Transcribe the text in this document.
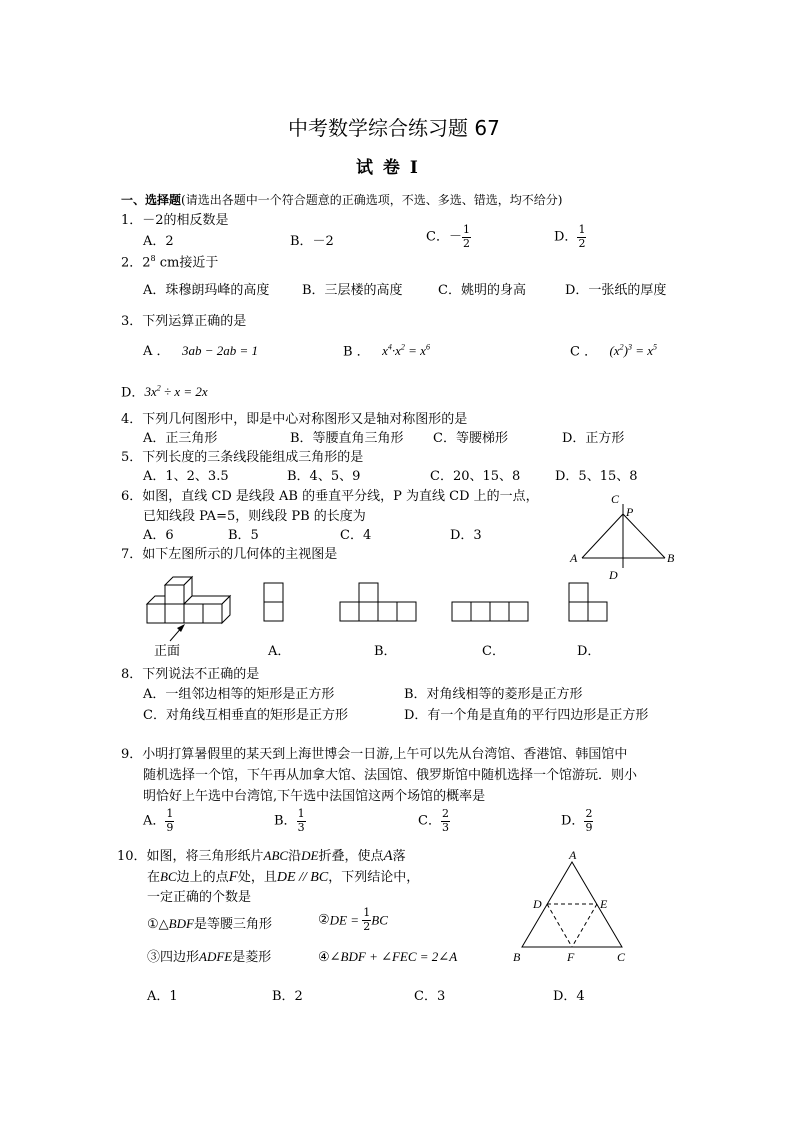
中考数学综合练习题 67
试 卷 Ⅰ
一、选择题(请选出各题中一个符合题意的正确选项，不选、多选、错选，均不给分)
1．－2的相反数是
A．2	B．－2	C．－ $\frac{1}{2}$	D． $\frac{1}{2}$
2．$2^8$ cm接近于
A．珠穆朗玛峰的高度	B．三层楼的高度	C．姚明的身高	D．一张纸的厚度
3．下列运算正确的是
A ． 3ab − 2ab = 1	B ． $x^4\cdot x^2 = x^6$	C ． $(x^2)^3 = x^5$
D．$3x^2 \div x = 2x$
4．下列几何图形中，即是中心对称图形又是轴对称图形的是
A．正三角形	B．等腰直角三角形 C．等腰梯形	D．正方形
5．下列长度的三条线段能组成三角形的是
A．1、2、3.5	B．4、5、9	C．20、15、8	D．5、15、8
6．如图，直线 CD 是线段 AB 的垂直平分线，P 为直线 CD 上的一点，
已知线段 PA=5，则线段 PB 的长度为
A．6	B．5	C．4	D．3
C
P
A	B
D
7．如下左图所示的几何体的主视图是
正面	A．	B．	C．	D．
8．下列说法不正确的是
A．一组邻边相等的矩形是正方形	B．对角线相等的菱形是正方形
C．对角线互相垂直的矩形是正方形	D．有一个角是直角的平行四边形是正方形
9．小明打算暑假里的某天到上海世博会一日游,上午可以先从台湾馆、香港馆、韩国馆中
随机选择一个馆，下午再从加拿大馆、法国馆、俄罗斯馆中随机选择一个馆游玩．则小
明恰好上午选中台湾馆,下午选中法国馆这两个场馆的概率是
A． $\frac{1}{9}$	B． $\frac{1}{3}$	C． $\frac{2}{3}$	D． $\frac{2}{9}$
10．如图，将三角形纸片ABC沿DE折叠，使点A落
在BC边上的点F处，且DE // BC，下列结论中，
一定正确的个数是
①△BDF是等腰三角形	②DE = $\frac{1}{2}$ BC
③四边形ADFE是菱形	④∠BDF + ∠FEC = 2∠A
A
D	E
B	F	C
A．1	B．2	C．3	D．4
